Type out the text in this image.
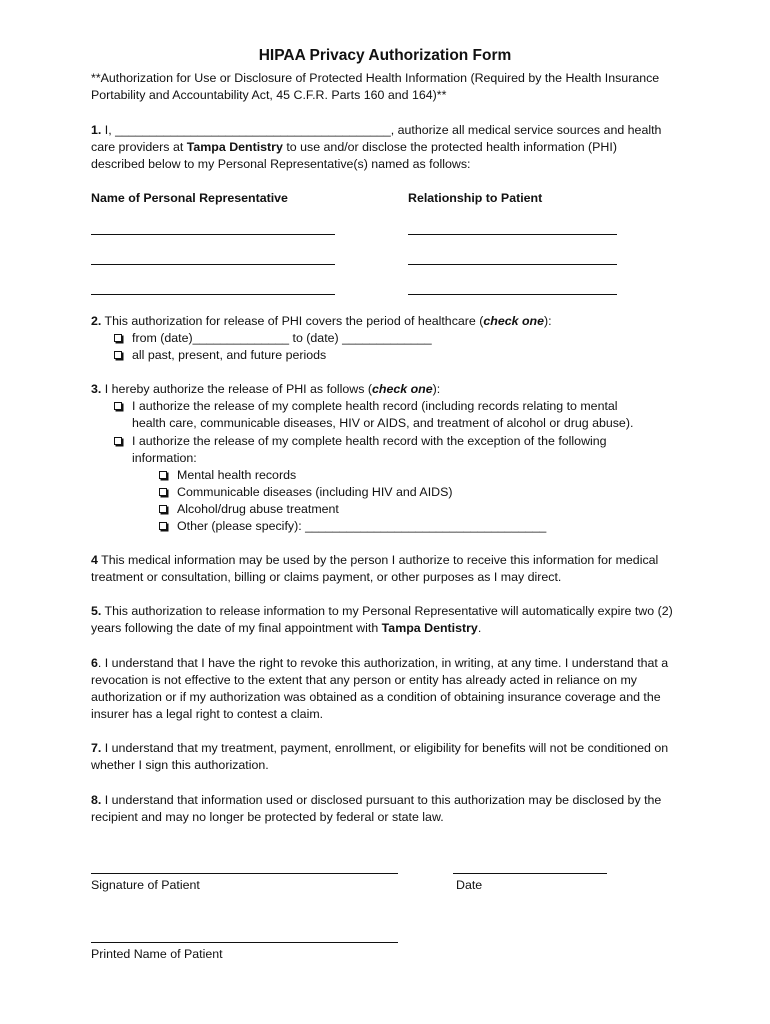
HIPAA Privacy Authorization Form
**Authorization for Use or Disclosure of Protected Health Information (Required by the Health Insurance Portability and Accountability Act, 45 C.F.R. Parts 160 and 164)**
1. I, ________________________________________, authorize all medical service sources and health care providers at Tampa Dentistry to use and/or disclose the protected health information (PHI) described below to my Personal Representative(s) named as follows:
Name of Personal Representative	Relationship to Patient
2. This authorization for release of PHI covers the period of healthcare (check one):
from (date)______________ to (date) _____________
all past, present, and future periods
3. I hereby authorize the release of PHI as follows (check one):
I authorize the release of my complete health record (including records relating to mental health care, communicable diseases, HIV or AIDS, and treatment of alcohol or drug abuse).
I authorize the release of my complete health record with the exception of the following information:
Mental health records
Communicable diseases (including HIV and AIDS)
Alcohol/drug abuse treatment
Other (please specify): ___________________________________
4 This medical information may be used by the person I authorize to receive this information for medical treatment or consultation, billing or claims payment, or other purposes as I may direct.
5. This authorization to release information to my Personal Representative will automatically expire two (2) years following the date of my final appointment with Tampa Dentistry.
6. I understand that I have the right to revoke this authorization, in writing, at any time. I understand that a revocation is not effective to the extent that any person or entity has already acted in reliance on my authorization or if my authorization was obtained as a condition of obtaining insurance coverage and the insurer has a legal right to contest a claim.
7. I understand that my treatment, payment, enrollment, or eligibility for benefits will not be conditioned on whether I sign this authorization.
8. I understand that information used or disclosed pursuant to this authorization may be disclosed by the recipient and may no longer be protected by federal or state law.
Signature of Patient	Date
Printed Name of Patient
